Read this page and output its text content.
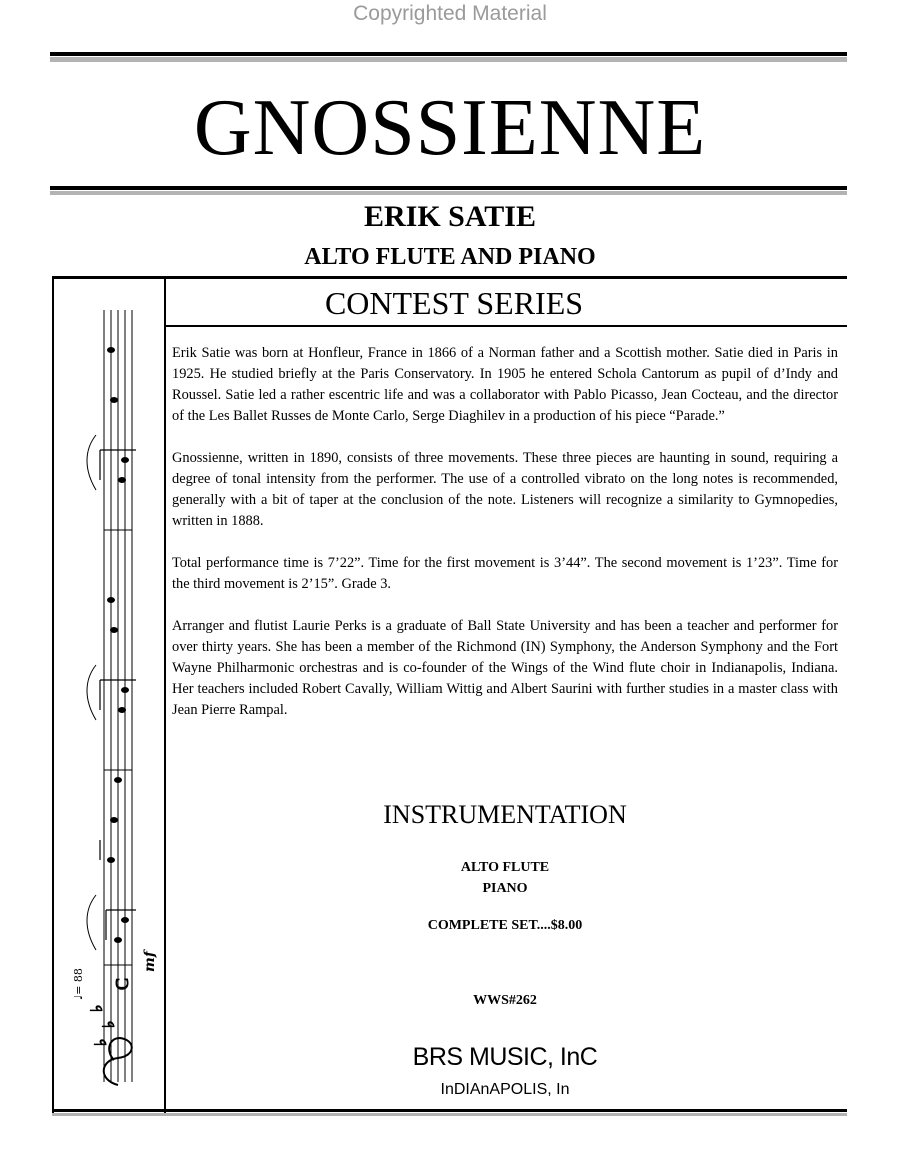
Copyrighted Material
GNOSSIENNE
ERIK SATIE
ALTO FLUTE AND PIANO
CONTEST SERIES

Erik Satie was born at Honfleur, France in 1866 of a Norman father and a Scottish mother. Satie died in Paris in 1925. He studied briefly at the Paris Conservatory. In 1905 he entered Schola Cantorum as pupil of d’Indy and Roussel. Satie led a rather escentric life and was a collaborator with Pablo Picasso, Jean Cocteau, and the director of the Les Ballet Russes de Monte Carlo, Serge Diaghilev in a production of his piece “Parade.”

Gnossienne, written in 1890, consists of three movements. These three pieces are haunting in sound, requiring a degree of tonal intensity from the performer. The use of a controlled vibrato on the long notes is recommended, generally with a bit of taper at the conclusion of the note. Listeners will recognize a similarity to Gymnopedies, written in 1888.

Total performance time is 7’22”. Time for the first movement is 3’44”. The second movement is 1’23”. Time for the third movement is 2’15”. Grade 3.

Arranger and flutist Laurie Perks is a graduate of Ball State University and has been a teacher and performer for over thirty years. She has been a member of the Richmond (IN) Symphony, the Anderson Symphony and the Fort Wayne Philharmonic orchestras and is co-founder of the Wings of the Wind flute choir in Indianapolis, Indiana. Her teachers included Robert Cavally, William Wittig and Albert Saurini with further studies in a master class with Jean Pierre Rampal.

INSTRUMENTATION
ALTO FLUTE
PIANO
COMPLETE SET....$8.00
WWS#262
BRS MUSIC, InC
InDIAnAPOLIS, In
♭
♭
♭
C
♩= 88
mf
